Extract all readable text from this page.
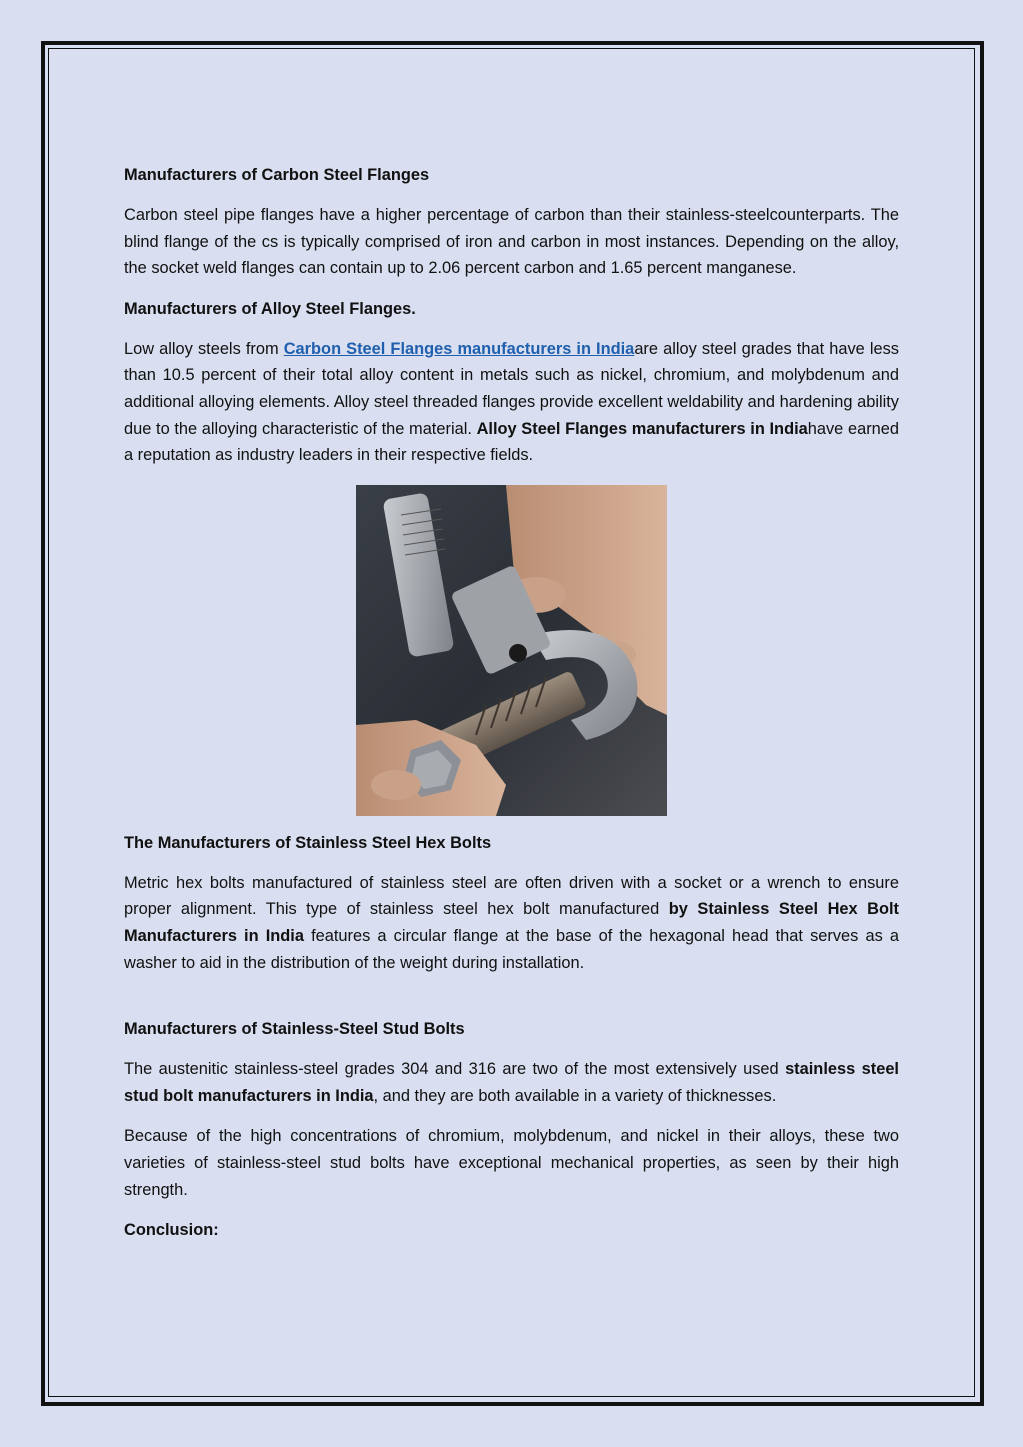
Manufacturers of Carbon Steel Flanges

Carbon steel pipe flanges have a higher percentage of carbon than their stainless-steelcounterparts. The blind flange of the cs is typically comprised of iron and carbon in most instances. Depending on the alloy, the socket weld flanges can contain up to 2.06 percent carbon and 1.65 percent manganese.

Manufacturers of Alloy Steel Flanges.

Low alloy steels from Carbon Steel Flanges manufacturers in Indiaare alloy steel grades that have less than 10.5 percent of their total alloy content in metals such as nickel, chromium, and molybdenum and additional alloying elements. Alloy steel threaded flanges provide excellent weldability and hardening ability due to the alloying characteristic of the material. Alloy Steel Flanges manufacturers in Indiahave earned a reputation as industry leaders in their respective fields.

The Manufacturers of Stainless Steel Hex Bolts

Metric hex bolts manufactured of stainless steel are often driven with a socket or a wrench to ensure proper alignment. This type of stainless steel hex bolt manufactured by Stainless Steel Hex Bolt Manufacturers in India features a circular flange at the base of the hexagonal head that serves as a washer to aid in the distribution of the weight during installation.

Manufacturers of Stainless-Steel Stud Bolts

The austenitic stainless-steel grades 304 and 316 are two of the most extensively used stainless steel stud bolt manufacturers in India, and they are both available in a variety of thicknesses.

Because of the high concentrations of chromium, molybdenum, and nickel in their alloys, these two varieties of stainless-steel stud bolts have exceptional mechanical properties, as seen by their high strength.

Conclusion:
